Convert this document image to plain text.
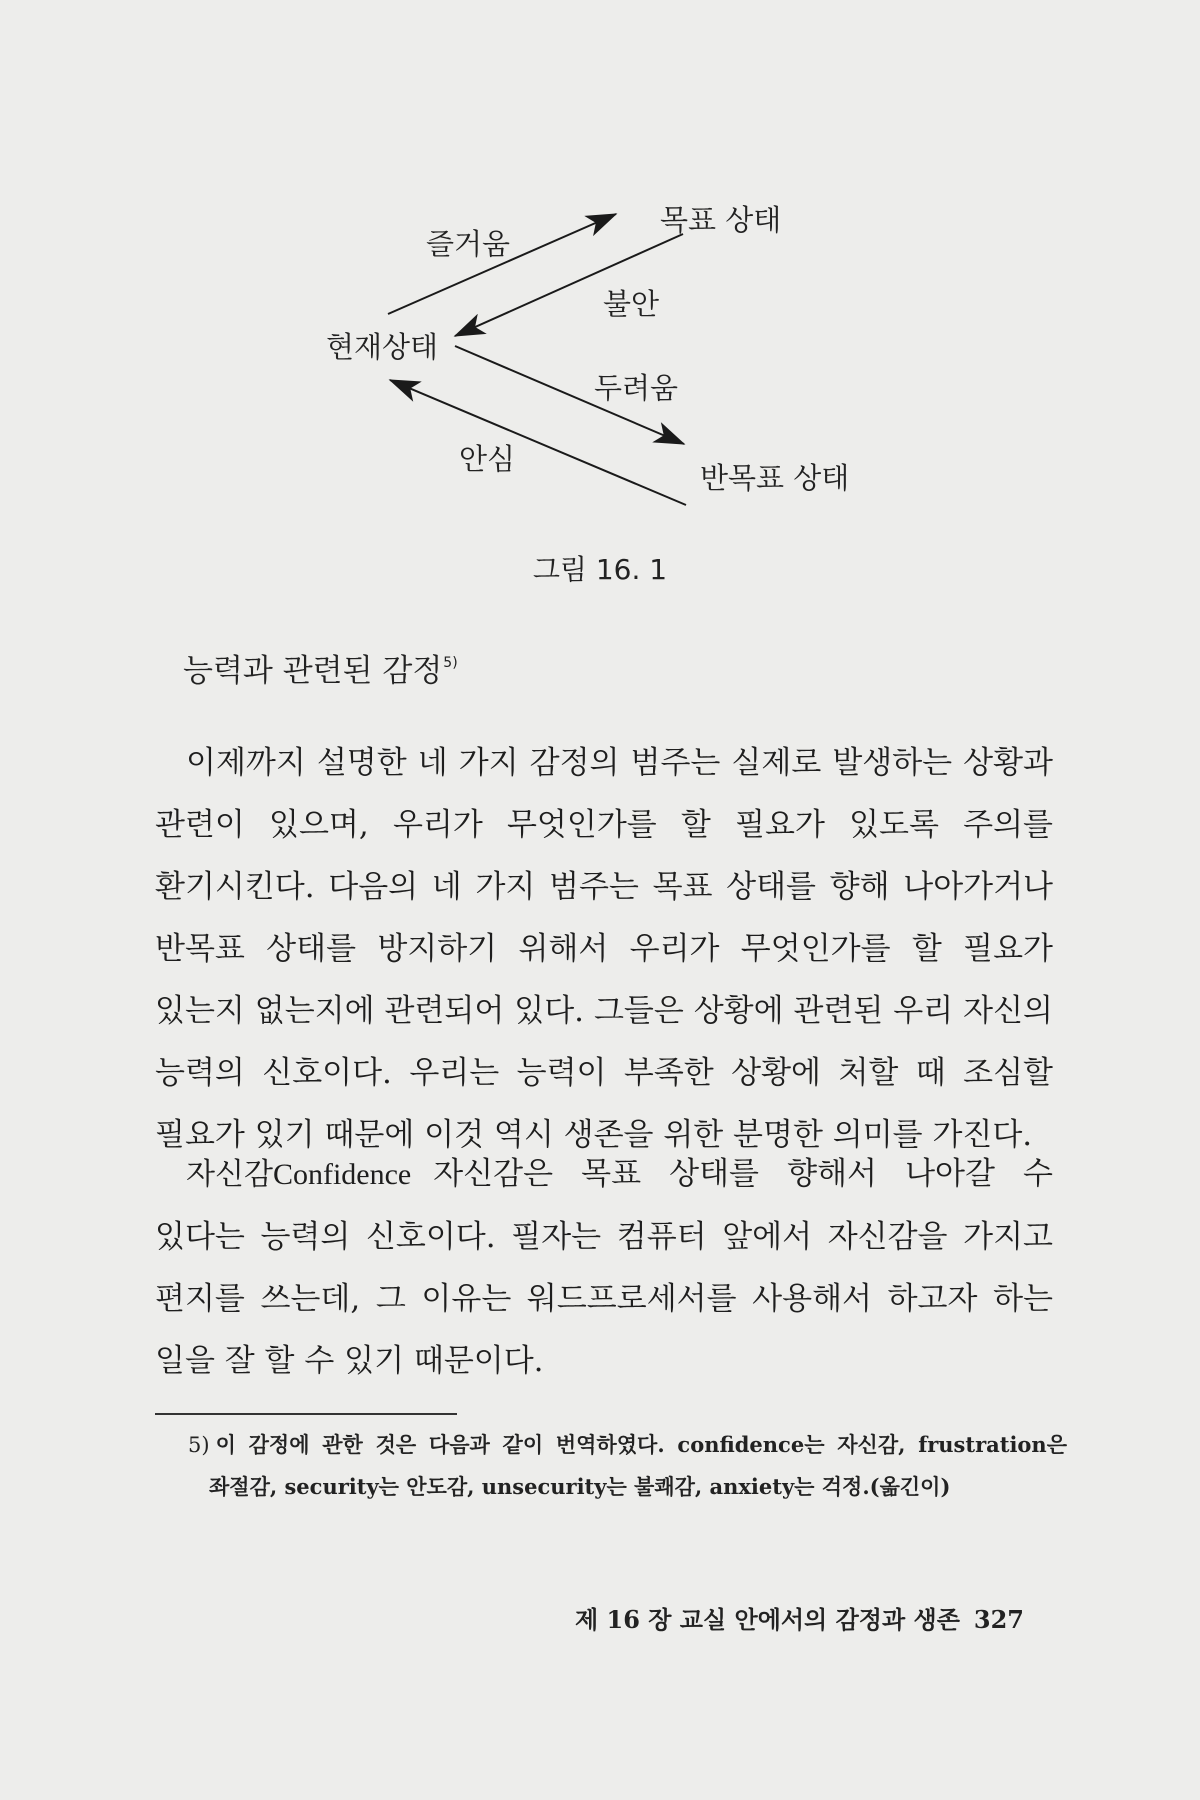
목표 상태
즐거움
불안
현재상태
두려움
안심
반목표 상태
그림 16. 1
능력과 관련된 감정$^{5)}$
이제까지 설명한 네 가지 감정의 범주는 실제로 발생하는 상황과 관련이 있으며, 우리가 무엇인가를 할 필요가 있도록 주의를 환기시킨다. 다음의 네 가지 범주는 목표 상태를 향해 나아가거나 반목표 상태를 방지하기 위해서 우리가 무엇인가를 할 필요가 있는지 없는지에 관련되어 있다. 그들은 상황에 관련된 우리 자신의 능력의 신호이다. 우리는 능력이 부족한 상황에 처할 때 조심할 필요가 있기 때문에 이것 역시 생존을 위한 분명한 의미를 가진다.
자신감Confidence 자신감은 목표 상태를 향해서 나아갈 수 있다는 능력의 신호이다. 필자는 컴퓨터 앞에서 자신감을 가지고 편지를 쓰는데, 그 이유는 워드프로세서를 사용해서 하고자 하는 일을 잘 할 수 있기 때문이다.
5) 이 감정에 관한 것은 다음과 같이 번역하였다. confidence는 자신감, frustration은 좌절감, security는 안도감, unsecurity는 불쾌감, anxiety는 걱정.(옮긴이)
제 16 장 교실 안에서의 감정과 생존 327
